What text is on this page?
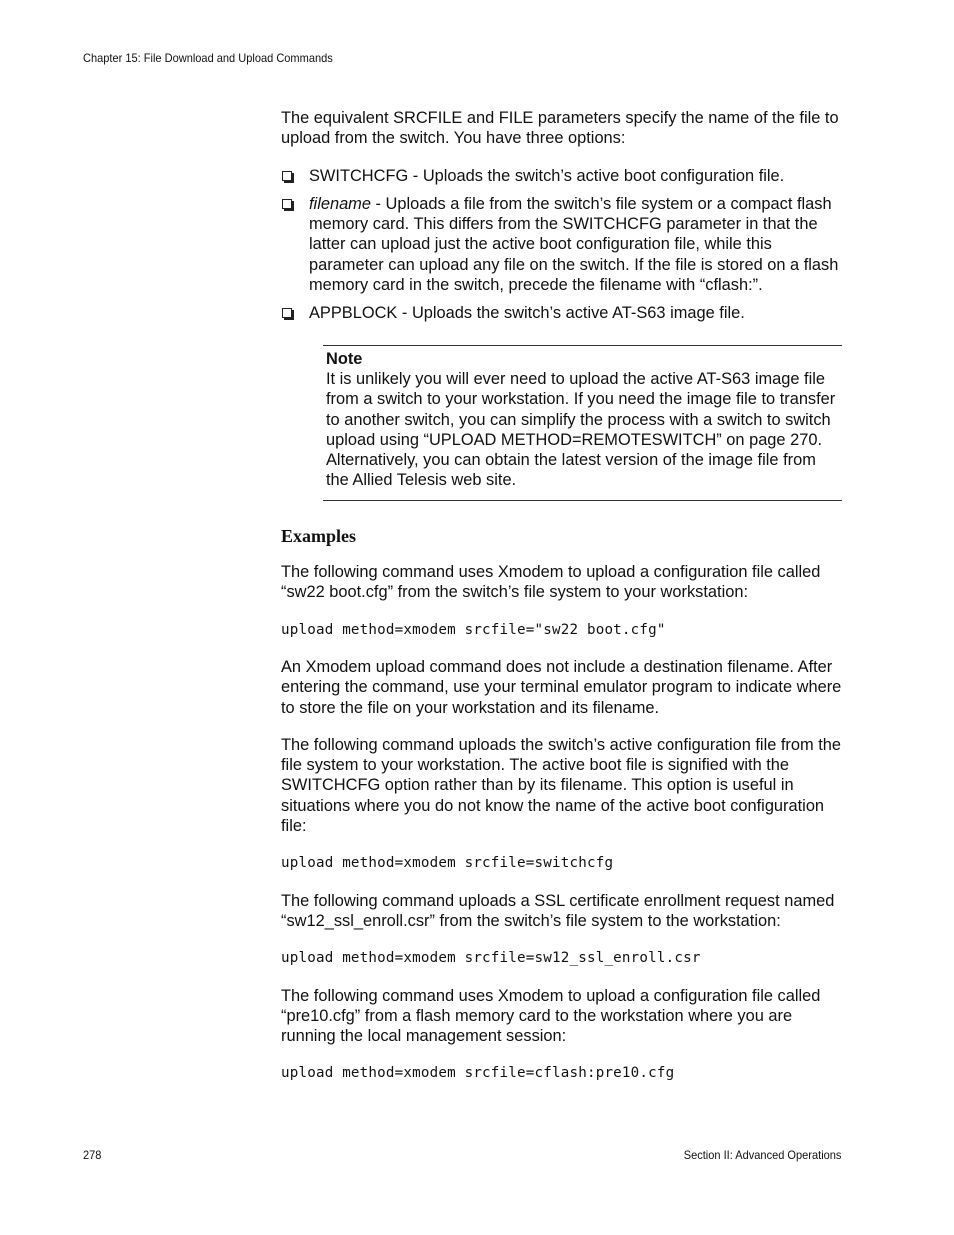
Chapter 15: File Download and Upload Commands

The equivalent SRCFILE and FILE parameters specify the name of the file to upload from the switch. You have three options:

SWITCHCFG - Uploads the switch’s active boot configuration file.
filename - Uploads a file from the switch’s file system or a compact flash memory card. This differs from the SWITCHCFG parameter in that the latter can upload just the active boot configuration file, while this parameter can upload any file on the switch. If the file is stored on a flash memory card in the switch, precede the filename with “cflash:”.
APPBLOCK - Uploads the switch’s active AT-S63 image file.
Note
It is unlikely you will ever need to upload the active AT-S63 image file from a switch to your workstation. If you need the image file to transfer to another switch, you can simplify the process with a switch to switch upload using “UPLOAD METHOD=REMOTESWITCH” on page 270. Alternatively, you can obtain the latest version of the image file from the Allied Telesis web site.
Examples

The following command uses Xmodem to upload a configuration file called “sw22 boot.cfg” from the switch’s file system to your workstation:

upload method=xmodem srcfile="sw22 boot.cfg"

An Xmodem upload command does not include a destination filename. After entering the command, use your terminal emulator program to indicate where to store the file on your workstation and its filename.

The following command uploads the switch’s active configuration file from the file system to your workstation. The active boot file is signified with the SWITCHCFG option rather than by its filename. This option is useful in situations where you do not know the name of the active boot configuration file:

upload method=xmodem srcfile=switchcfg

The following command uploads a SSL certificate enrollment request named “sw12_ssl_enroll.csr” from the switch’s file system to the workstation:

upload method=xmodem srcfile=sw12_ssl_enroll.csr

The following command uses Xmodem to upload a configuration file called “pre10.cfg” from a flash memory card to the workstation where you are running the local management session:

upload method=xmodem srcfile=cflash:pre10.cfg
278	Section II: Advanced Operations
